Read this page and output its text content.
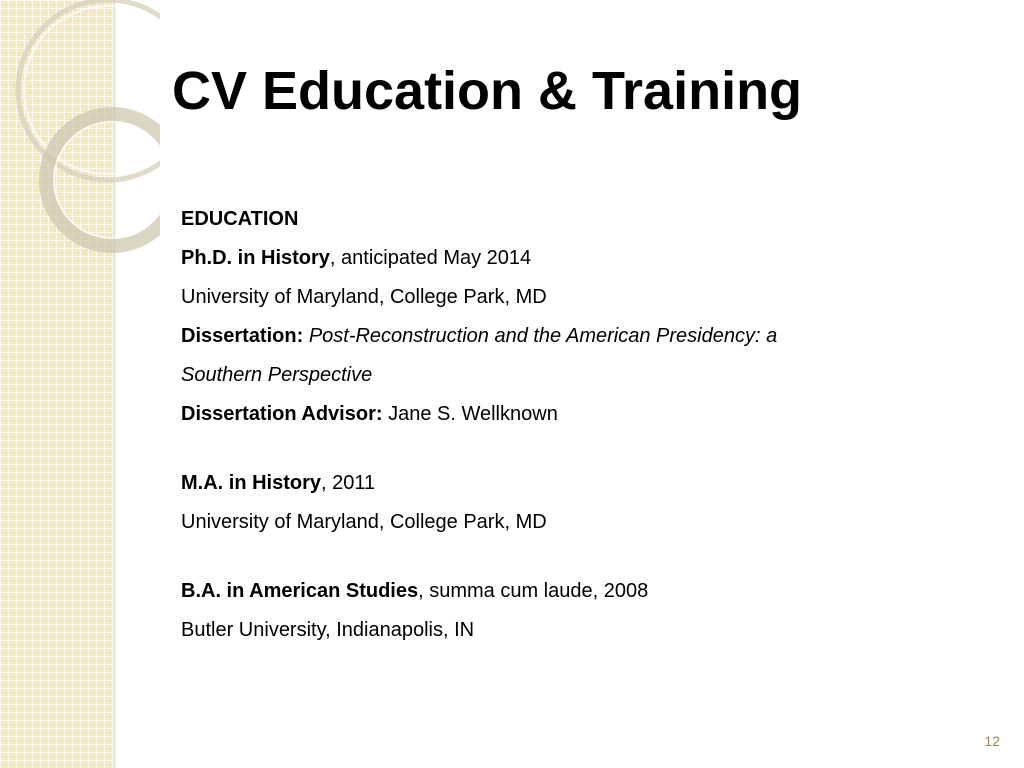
CV Education & Training
EDUCATION
Ph.D. in History, anticipated May 2014
University of Maryland, College Park, MD
Dissertation: Post-Reconstruction and the American Presidency: a
Southern Perspective
Dissertation Advisor: Jane S. Wellknown
M.A. in History, 2011
University of Maryland, College Park, MD
B.A. in American Studies, summa cum laude, 2008
Butler University, Indianapolis, IN
12
